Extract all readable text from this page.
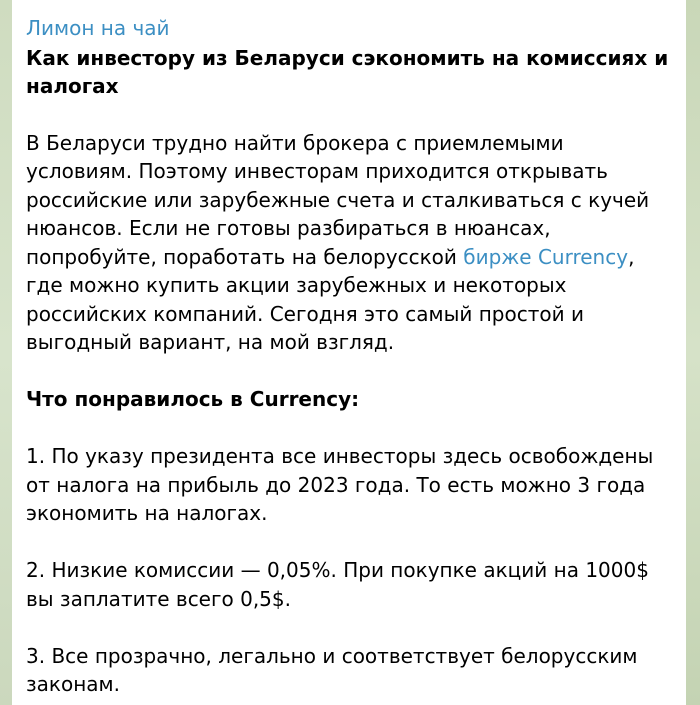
Лимон на чай

Как инвестору из Беларуси сэкономить на комиссиях и налогах

В Беларуси трудно найти брокера с приемлемыми условиям. Поэтому инвесторам приходится открывать российские или зарубежные счета и сталкиваться с кучей нюансов. Если не готовы разбираться в нюансах, попробуйте, поработать на белорусской бирже Currency, где можно купить акции зарубежных и некоторых российских компаний. Сегодня это самый простой и выгодный вариант, на мой взгляд.

Что понравилось в Currency:

1. По указу президента все инвесторы здесь освобождены от налога на прибыль до 2023 года. То есть можно 3 года экономить на налогах.

2. Низкие комиссии — 0,05%. При покупке акций на 1000$ вы заплатите всего 0,5$.

3. Все прозрачно, легально и соответствует белорусским законам.
